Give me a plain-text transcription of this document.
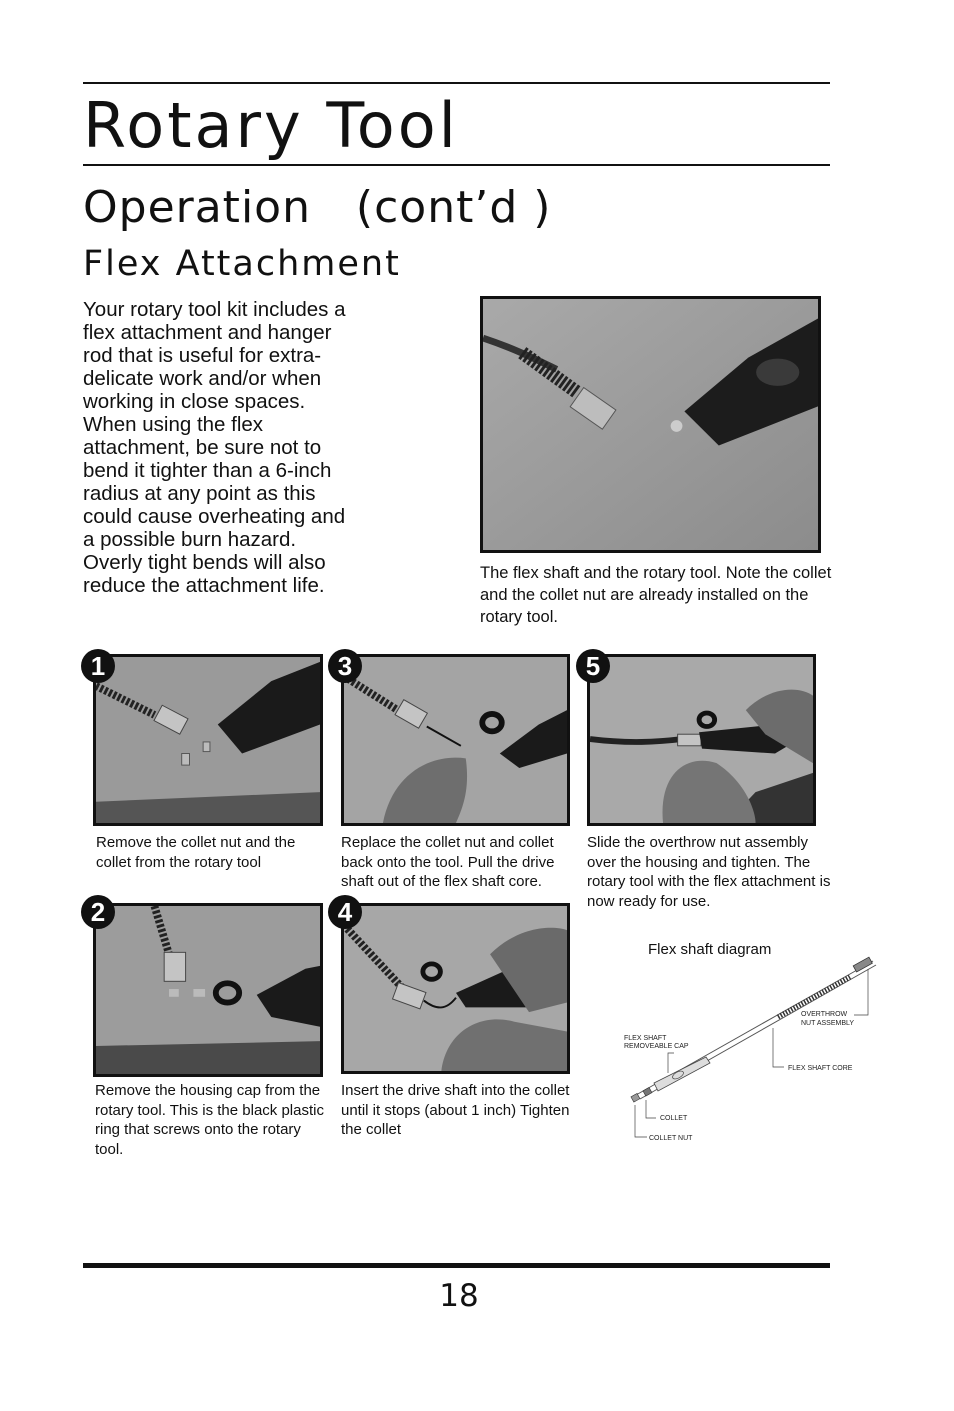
Rotary Tool
Operation   (cont’d )
Flex Attachment

Your rotary tool kit includes a flex attachment and hanger rod that is useful for extra-delicate work and/or when working in close spaces. When using the flex attachment, be sure not to bend it tighter than a 6-inch radius at any point as this could cause overheating and a possible burn hazard. Overly tight bends will also reduce the attachment life.

The flex shaft and the rotary tool. Note the collet and the collet nut are already installed on the rotary tool.
1
Remove the collet nut and the collet from the rotary tool
2
Remove the housing cap from the rotary tool. This is the black plastic ring that screws onto the rotary tool.
3
Replace the collet nut and collet back onto the tool. Pull the drive shaft out of the flex shaft core.
4
Insert the drive shaft into the collet until it stops (about 1 inch) Tighten the collet
5
Slide the overthrow nut assembly over the housing and tighten. The rotary tool with the flex attachment is now ready for use.
Flex shaft diagram
OVERTHROW
NUT ASSEMBLY
FLEX SHAFT
REMOVEABLE CAP
FLEX SHAFT CORE
COLLET
COLLET NUT
18
